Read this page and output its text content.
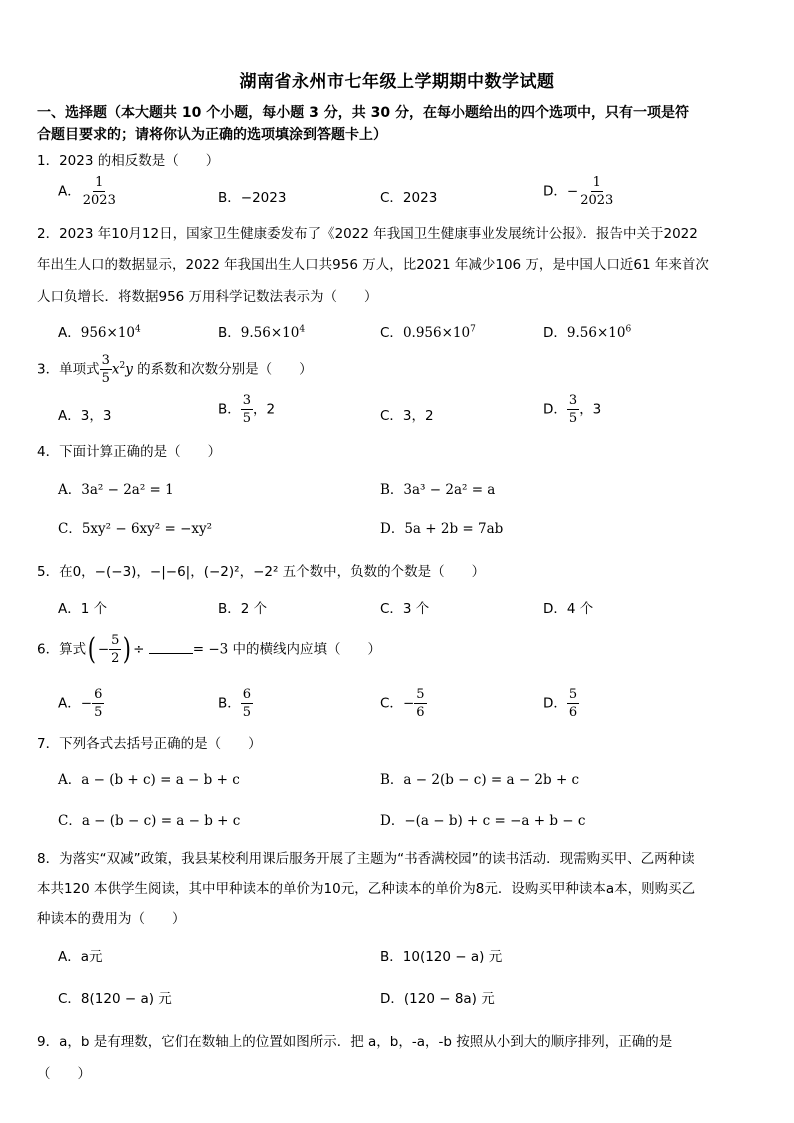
湖南省永州市七年级上学期期中数学试题
一、选择题（本大题共 10 个小题，每小题 3 分，共 30 分，在每小题给出的四个选项中，只有一项是符
合题目要求的；请将你认为正确的选项填涂到答题卡上）
1．2023 的相反数是（　　）
A． $\frac{1}{2023}$	B．−2023	C．2023	D．− $\frac{1}{2023}$
2．2023 年10月12日，国家卫生健康委发布了《2022 年我国卫生健康事业发展统计公报》．报告中关于2022
年出生人口的数据显示，2022 年我国出生人口共956 万人，比2021 年减少106 万，是中国人口近61 年来首次
人口负增长．将数据956 万用科学记数法表示为（　　）
A．$956\times 10^4$	B．$9.56\times 10^4$	C．$0.956\times 10^7$	D．$9.56\times 10^6$
3．单项式 $\frac{3}{5} x^2y$ 的系数和次数分别是（　　）
A．3，3	B． $\frac{3}{5}$ ，2	C．3，2	D． $\frac{3}{5}$ ，3
4．下面计算正确的是（　　）
A．3a² − 2a² = 1	B．3a³ − 2a² = a
C．5xy² − 6xy² = −xy²	D．5a + 2b = 7ab
5．在0，−(−3)，−|−6|，(−2)²，−2² 五个数中，负数的个数是（　　）
A．1 个	B．2 个	C．3 个	D．4 个
6．算式( − $\frac{5}{2}$ ) ÷	= −3 中的横线内应填（　　）
A．− $\frac{6}{5}$	B． $\frac{6}{5}$	C．− $\frac{5}{6}$	D． $\frac{5}{6}$
7．下列各式去括号正确的是（　　）
A．a − (b + c) = a − b + c	B．a − 2(b − c) = a − 2b + c
C．a − (b − c) = a − b + c	D．−(a − b) + c = −a + b − c
8．为落实“双减”政策，我县某校利用课后服务开展了主题为“书香满校园”的读书活动．现需购买甲、乙两种读
本共120 本供学生阅读，其中甲种读本的单价为10元，乙种读本的单价为8元．设购买甲种读本a本，则购买乙
种读本的费用为（　　）
A．a元	B．10(120 − a) 元
C．8(120 − a) 元	D．(120 − 8a) 元
9．a，b 是有理数，它们在数轴上的位置如图所示．把 a，b，-a，-b 按照从小到大的顺序排列，正确的是
（　　）
